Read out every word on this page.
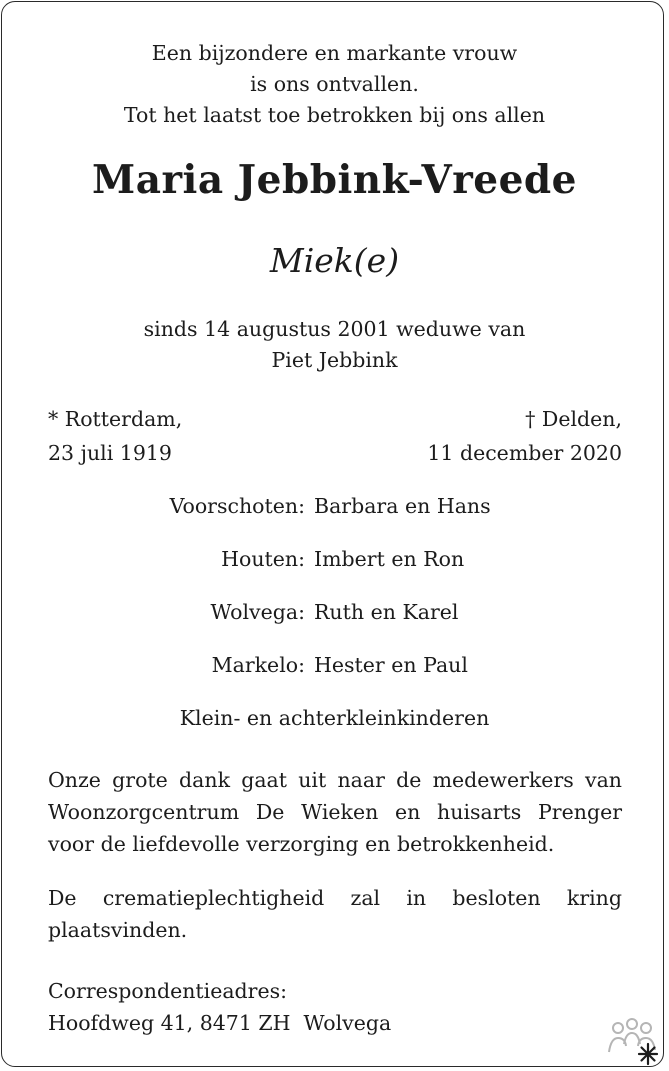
Een bijzondere en markante vrouw
is ons ontvallen.
Tot het laatst toe betrokken bij ons allen
Maria Jebbink-Vreede
Miek(e)
sinds 14 augustus 2001 weduwe van
Piet Jebbink
* Rotterdam,
23 juli 1919
† Delden,
11 december 2020
Voorschoten: Barbara en Hans
Houten: Imbert en Ron
Wolvega: Ruth en Karel
Markelo: Hester en Paul
Klein- en achterkleinkinderen
Onze grote dank gaat uit naar de medewerkers van Woonzorgcentrum De Wieken en huisarts Prenger voor de liefdevolle verzorging en betrokkenheid.
De crematieplechtigheid zal in besloten kring plaatsvinden.
Correspondentieadres:
Hoofdweg 41, 8471 ZH  Wolvega
